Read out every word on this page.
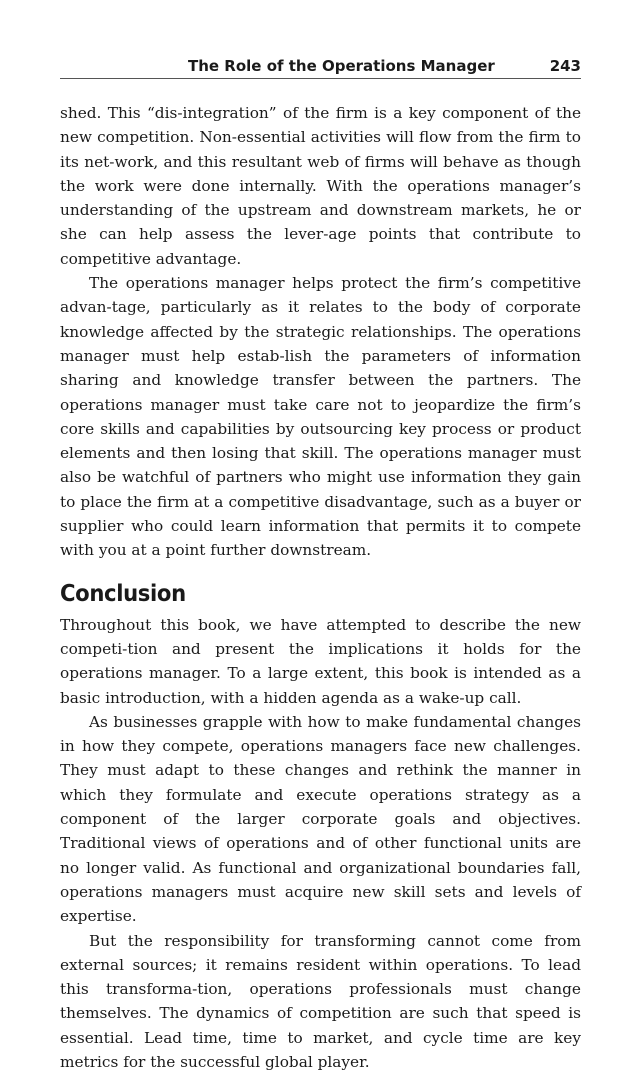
The Role of the Operations Manager	243

shed. This “dis-integration” of the firm is a key component of the new competition. Non-essential activities will flow from the firm to its net-work, and this resultant web of firms will behave as though the work were done internally. With the operations manager’s understanding of the upstream and downstream markets, he or she can help assess the lever-age points that contribute to competitive advantage.

The operations manager helps protect the firm’s competitive advan-tage, particularly as it relates to the body of corporate knowledge affected by the strategic relationships. The operations manager must help estab-lish the parameters of information sharing and knowledge transfer between the partners. The operations manager must take care not to jeopardize the firm’s core skills and capabilities by outsourcing key process or product elements and then losing that skill. The operations manager must also be watchful of partners who might use information they gain to place the firm at a competitive disadvantage, such as a buyer or supplier who could learn information that permits it to compete with you at a point further downstream.

Conclusion

Throughout this book, we have attempted to describe the new competi-tion and present the implications it holds for the operations manager. To a large extent, this book is intended as a basic introduction, with a hidden agenda as a wake-up call.

As businesses grapple with how to make fundamental changes in how they compete, operations managers face new challenges. They must adapt to these changes and rethink the manner in which they formulate and execute operations strategy as a component of the larger corporate goals and objectives. Traditional views of operations and of other functional units are no longer valid. As functional and organizational boundaries fall, operations managers must acquire new skill sets and levels of expertise.

But the responsibility for transforming cannot come from external sources; it remains resident within operations. To lead this transforma-tion, operations professionals must change themselves. The dynamics of competition are such that speed is essential. Lead time, time to market, and cycle time are key metrics for the successful global player.
